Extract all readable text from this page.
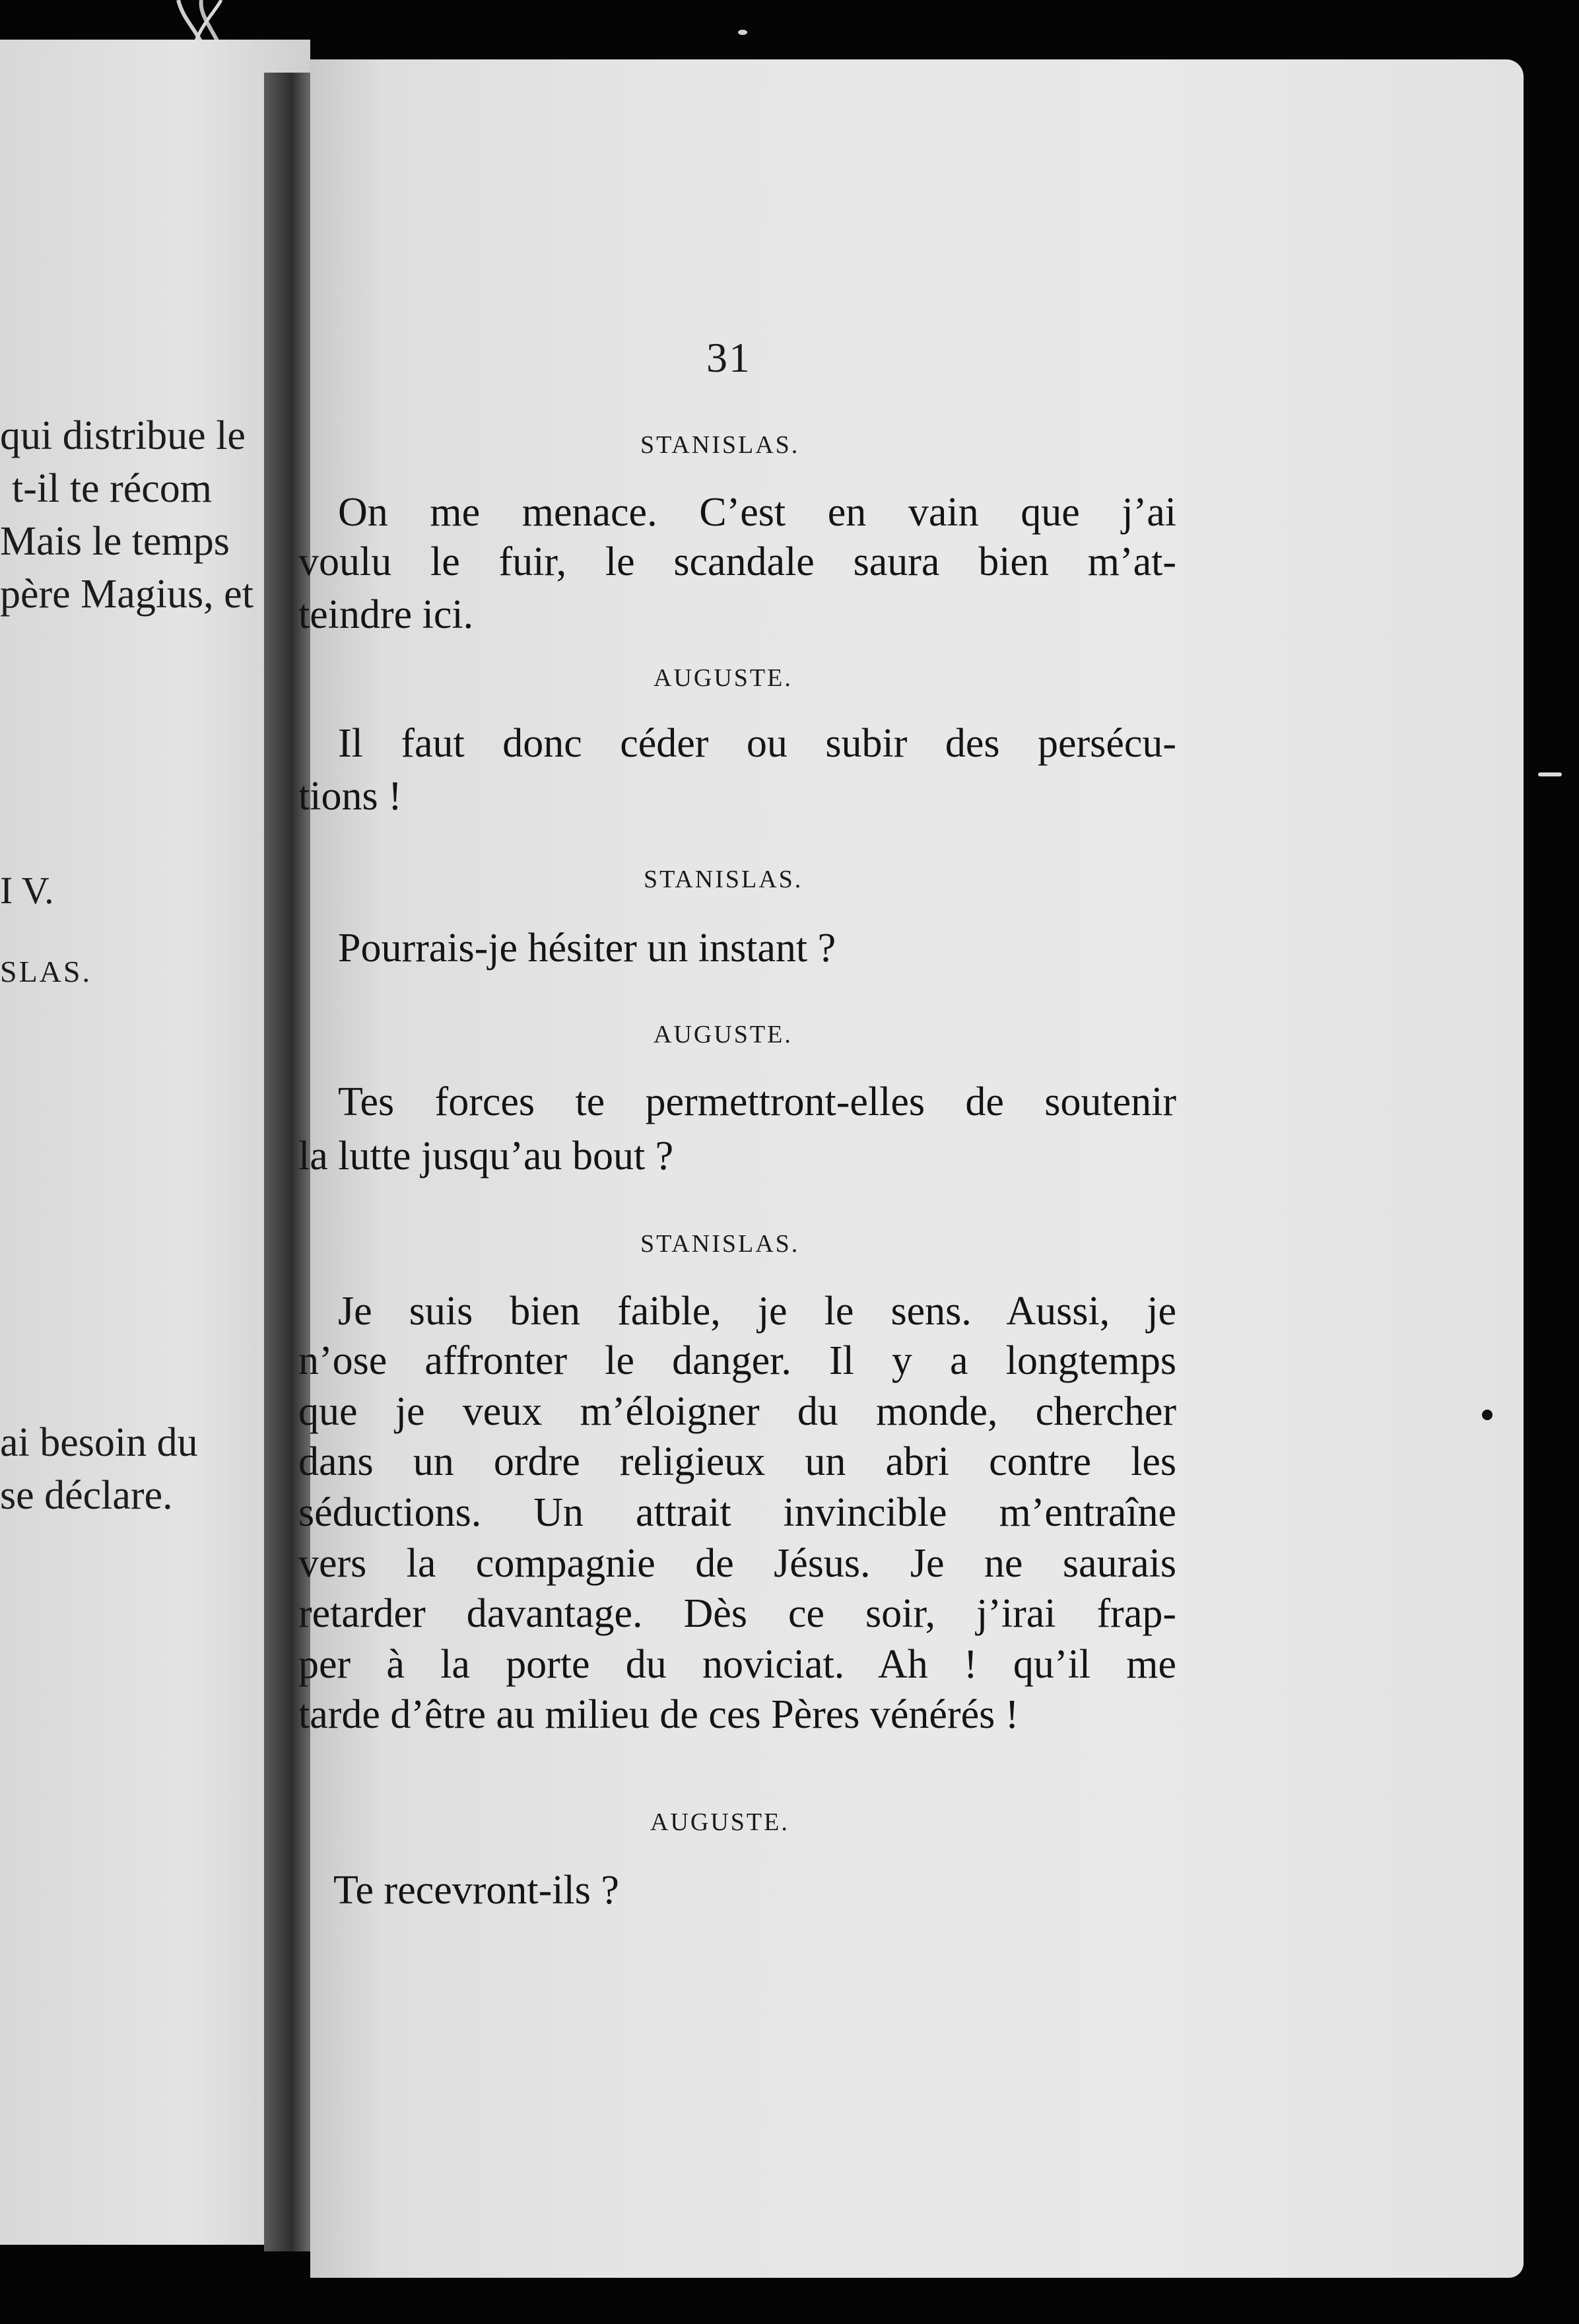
qui distribue le
t-il te récom
Mais le temps
père Magius, et
I V.
SLAS.
ai besoin du
se déclare.
31
STANISLAS.
On me menace. C’est en vain que j’ai
voulu le fuir, le scandale saura bien m’at-
teindre ici.
AUGUSTE.
Il faut donc céder ou subir des persécu-
tions !
STANISLAS.
Pourrais-je hésiter un instant ?
AUGUSTE.
Tes forces te permettront-elles de soutenir
la lutte jusqu’au bout ?
STANISLAS.
Je suis bien faible, je le sens. Aussi, je
n’ose affronter le danger. Il y a longtemps
que je veux m’éloigner du monde, chercher
dans un ordre religieux un abri contre les
séductions. Un attrait invincible m’entraîne
vers la compagnie de Jésus. Je ne saurais
retarder davantage. Dès ce soir, j’irai frap-
per à la porte du noviciat. Ah ! qu’il me
tarde d’être au milieu de ces Pères vénérés !
AUGUSTE.
Te recevront-ils ?
